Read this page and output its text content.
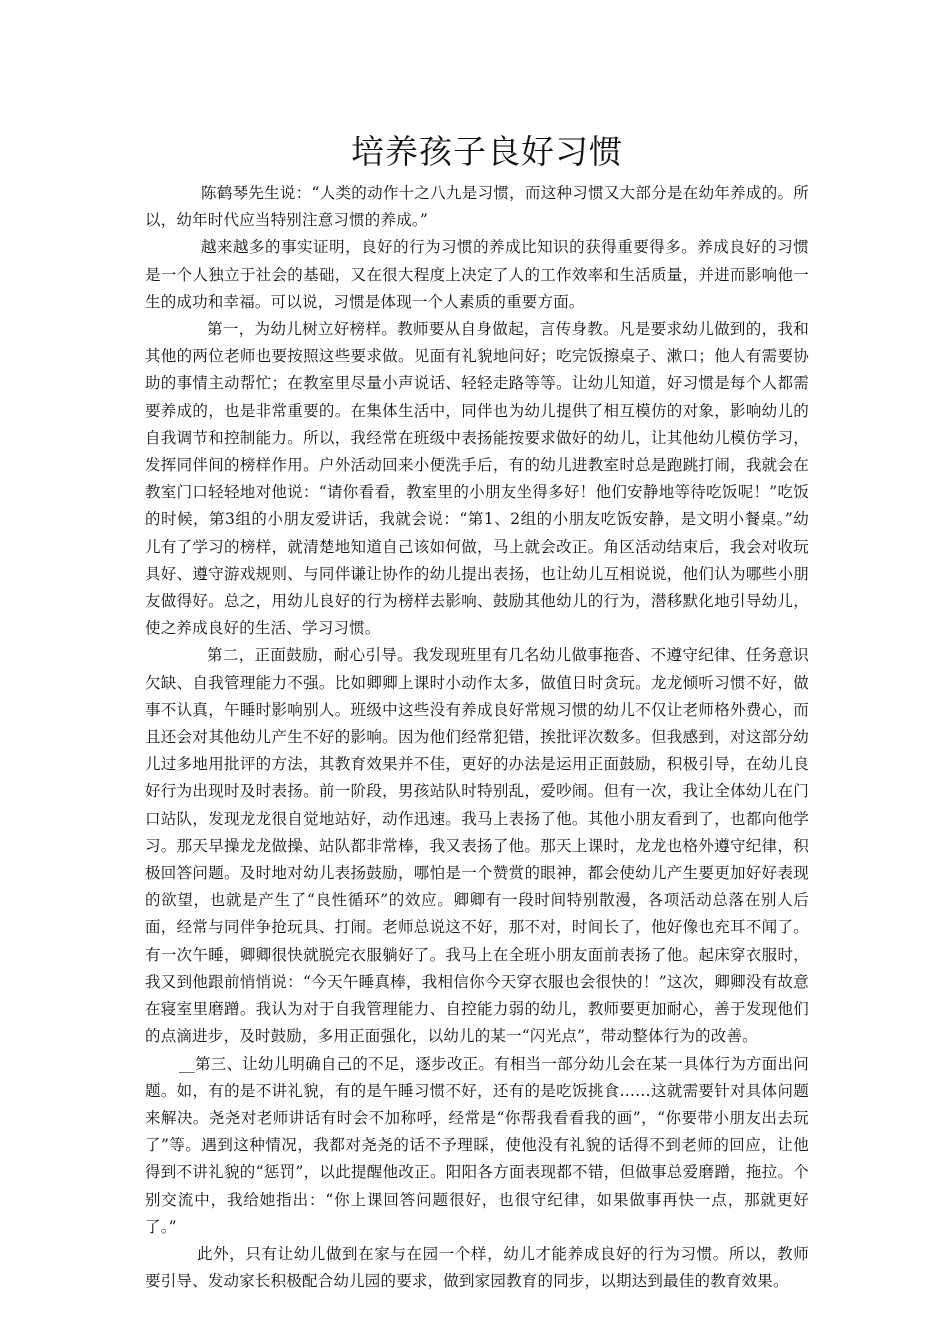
培养孩子良好习惯

陈鹤琴先生说：“人类的动作十之八九是习惯，而这种习惯又大部分是在幼年养成的。所以，幼年时代应当特别注意习惯的养成。”

越来越多的事实证明，良好的行为习惯的养成比知识的获得重要得多。养成良好的习惯是一个人独立于社会的基础，又在很大程度上决定了人的工作效率和生活质量，并进而影响他一生的成功和幸福。可以说，习惯是体现一个人素质的重要方面。

第一，为幼儿树立好榜样。教师要从自身做起，言传身教。凡是要求幼儿做到的，我和其他的两位老师也要按照这些要求做。见面有礼貌地问好；吃完饭擦桌子、漱口；他人有需要协助的事情主动帮忙；在教室里尽量小声说话、轻轻走路等等。让幼儿知道，好习惯是每个人都需要养成的，也是非常重要的。在集体生活中，同伴也为幼儿提供了相互模仿的对象，影响幼儿的自我调节和控制能力。所以，我经常在班级中表扬能按要求做好的幼儿，让其他幼儿模仿学习，发挥同伴间的榜样作用。户外活动回来小便洗手后，有的幼儿进教室时总是跑跳打闹，我就会在教室门口轻轻地对他说：“请你看看，教室里的小朋友坐得多好！他们安静地等待吃饭呢！”吃饭的时候，第3组的小朋友爱讲话，我就会说：“第1、2组的小朋友吃饭安静，是文明小餐桌。”幼儿有了学习的榜样，就清楚地知道自己该如何做，马上就会改正。角区活动结束后，我会对收玩具好、遵守游戏规则、与同伴谦让协作的幼儿提出表扬，也让幼儿互相说说，他们认为哪些小朋友做得好。总之，用幼儿良好的行为榜样去影响、鼓励其他幼儿的行为，潜移默化地引导幼儿，使之养成良好的生活、学习习惯。

第二，正面鼓励，耐心引导。我发现班里有几名幼儿做事拖沓、不遵守纪律、任务意识欠缺、自我管理能力不强。比如卿卿上课时小动作太多，做值日时贪玩。龙龙倾听习惯不好，做事不认真，午睡时影响别人。班级中这些没有养成良好常规习惯的幼儿不仅让老师格外费心，而且还会对其他幼儿产生不好的影响。因为他们经常犯错，挨批评次数多。但我感到，对这部分幼儿过多地用批评的方法，其教育效果并不佳，更好的办法是运用正面鼓励，积极引导，在幼儿良好行为出现时及时表扬。前一阶段，男孩站队时特别乱，爱吵闹。但有一次，我让全体幼儿在门口站队，发现龙龙很自觉地站好，动作迅速。我马上表扬了他。其他小朋友看到了，也都向他学习。那天早操龙龙做操、站队都非常棒，我又表扬了他。那天上课时，龙龙也格外遵守纪律，积极回答问题。及时地对幼儿表扬鼓励，哪怕是一个赞赏的眼神，都会使幼儿产生要更加好好表现的欲望，也就是产生了“良性循环”的效应。卿卿有一段时间特别散漫，各项活动总落在别人后面，经常与同伴争抢玩具、打闹。老师总说这不好，那不对，时间长了，他好像也充耳不闻了。有一次午睡，卿卿很快就脱完衣服躺好了。我马上在全班小朋友面前表扬了他。起床穿衣服时，我又到他跟前悄悄说：“今天午睡真棒，我相信你今天穿衣服也会很快的！”这次，卿卿没有故意在寝室里磨蹭。我认为对于自我管理能力、自控能力弱的幼儿，教师要更加耐心，善于发现他们的点滴进步，及时鼓励，多用正面强化，以幼儿的某一“闪光点”，带动整体行为的改善。

__第三、让幼儿明确自己的不足，逐步改正。有相当一部分幼儿会在某一具体行为方面出问题。如，有的是不讲礼貌，有的是午睡习惯不好，还有的是吃饭挑食……这就需要针对具体问题来解决。尧尧对老师讲话有时会不加称呼，经常是“你帮我看看我的画”，“你要带小朋友出去玩了”等。遇到这种情况，我都对尧尧的话不予理睬，使他没有礼貌的话得不到老师的回应，让他得到不讲礼貌的“惩罚”，以此提醒他改正。阳阳各方面表现都不错，但做事总爱磨蹭，拖拉。个别交流中，我给她指出：“你上课回答问题很好，也很守纪律，如果做事再快一点，那就更好了。”

此外，只有让幼儿做到在家与在园一个样，幼儿才能养成良好的行为习惯。所以，教师要引导、发动家长积极配合幼儿园的要求，做到家园教育的同步，以期达到最佳的教育效果。
